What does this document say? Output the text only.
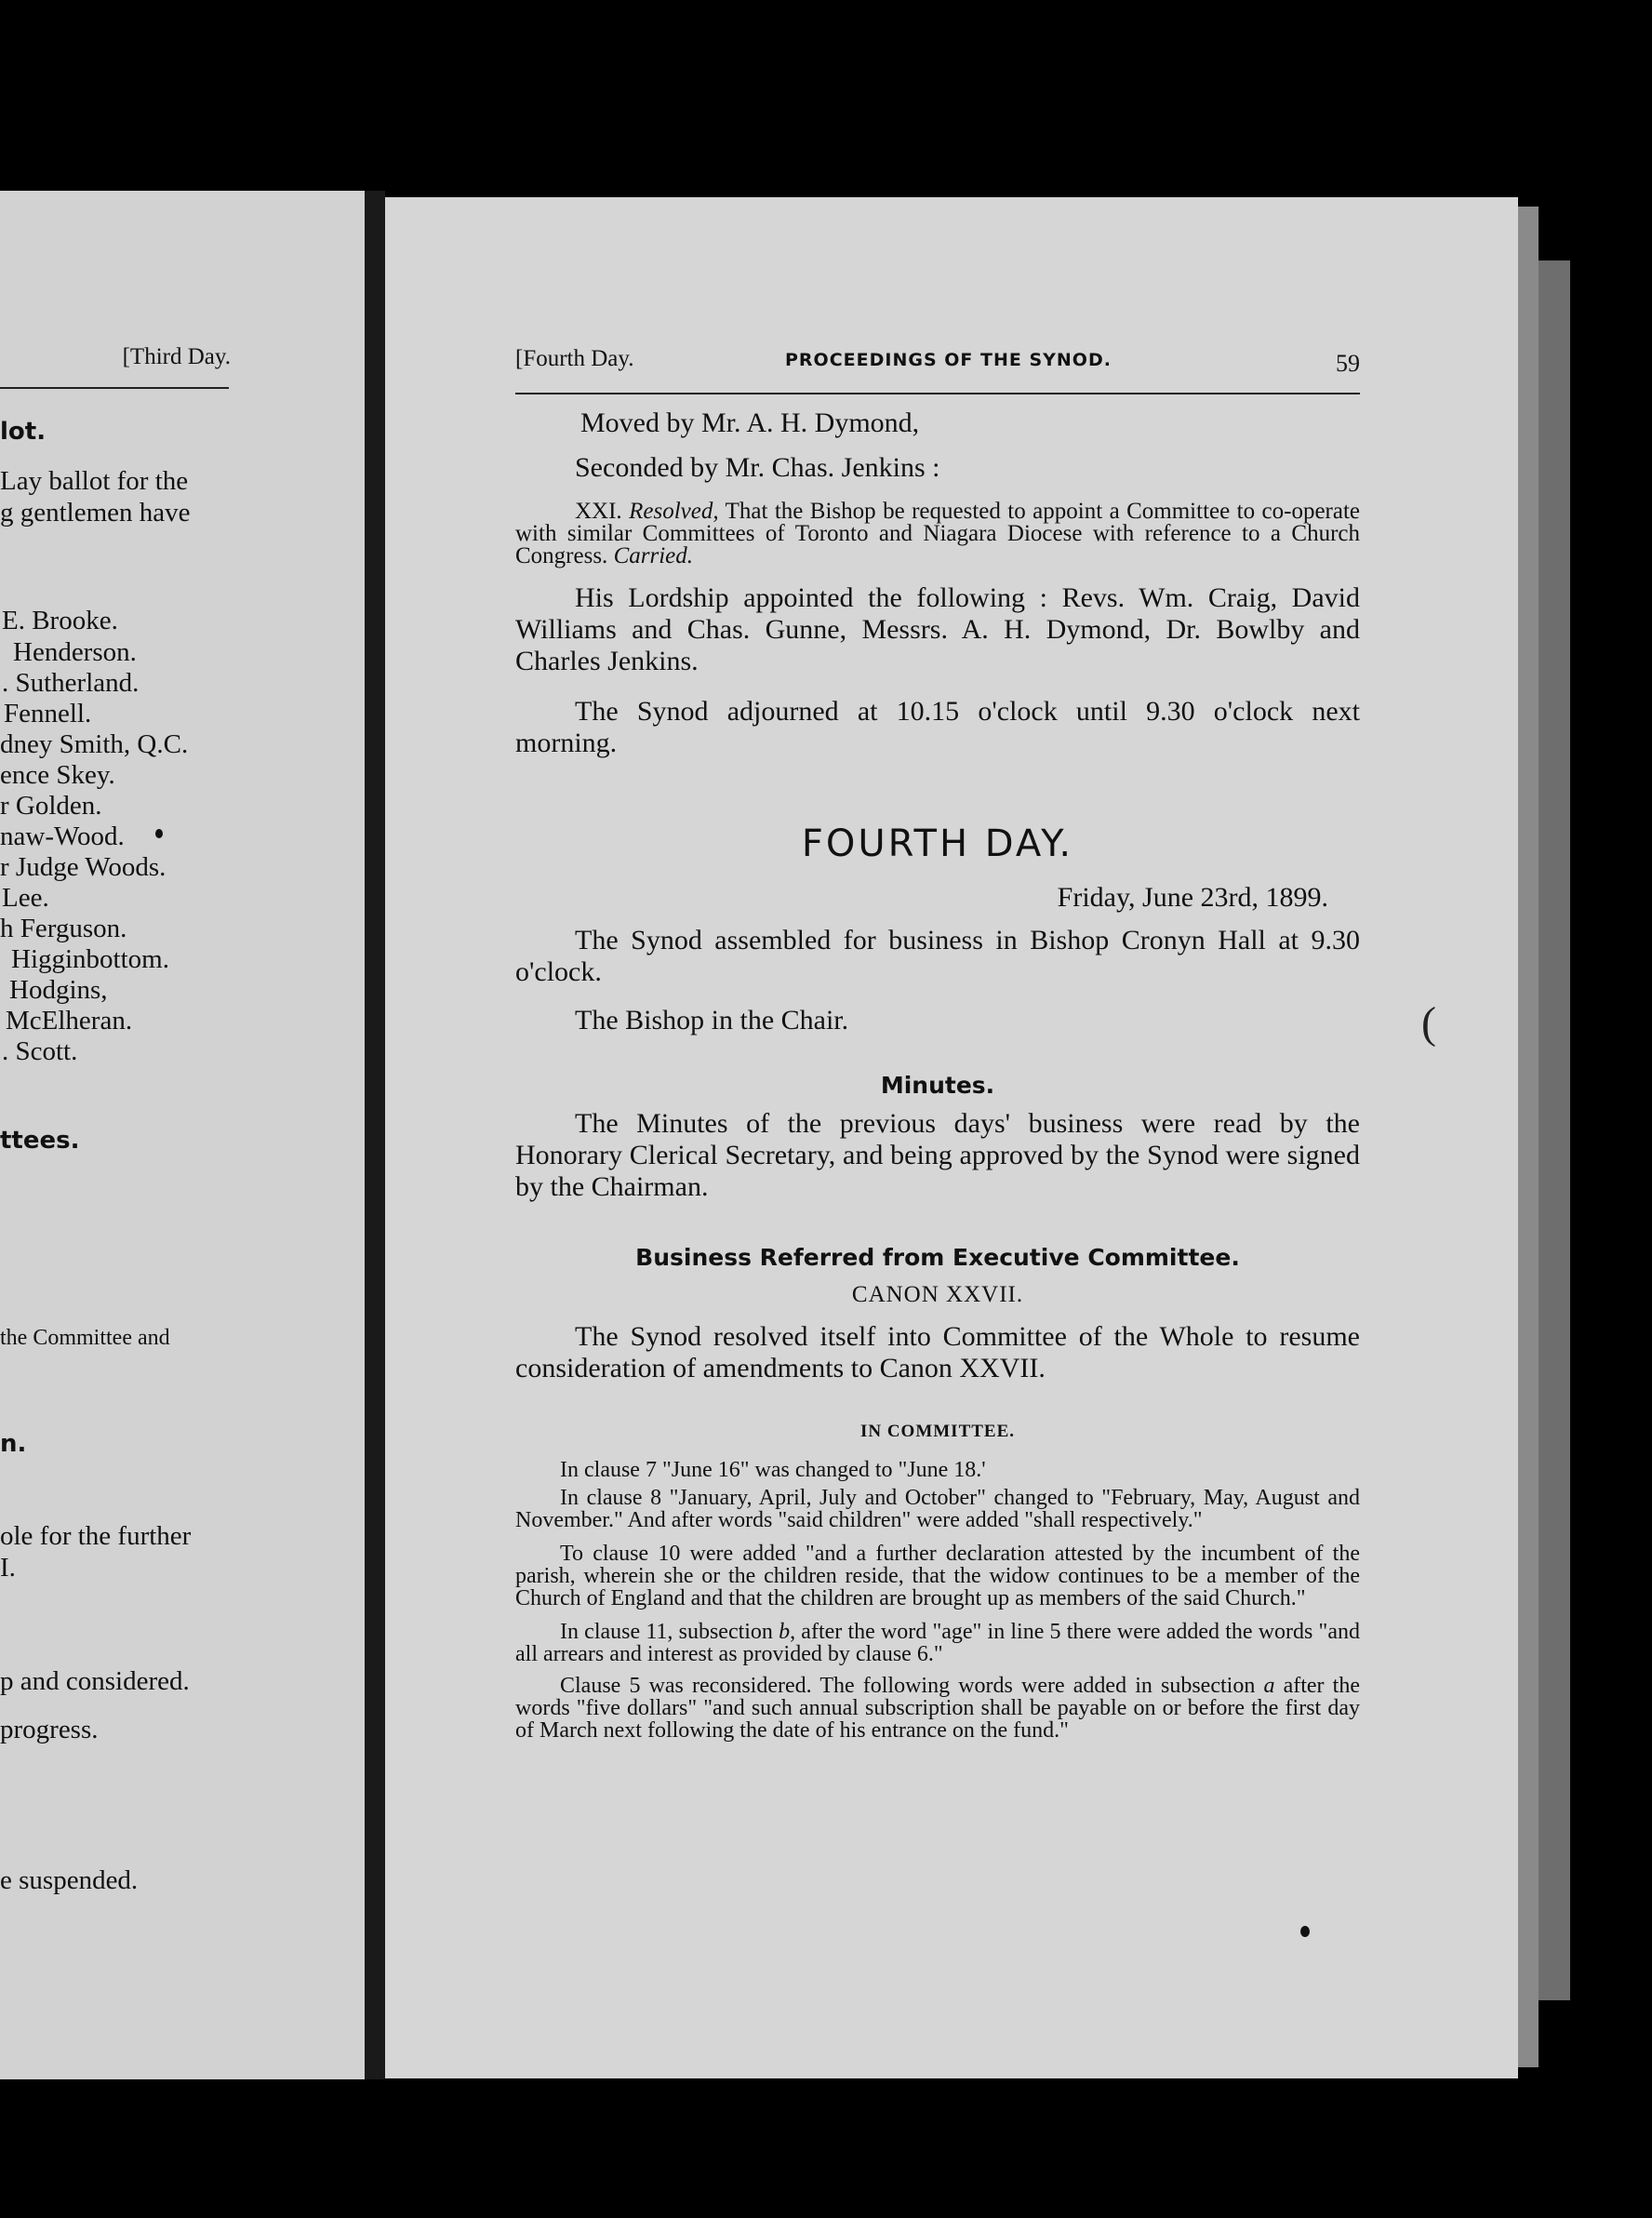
[Third Day.
lot.
Lay ballot for the
g gentlemen have
E. Brooke.
Henderson.
. Sutherland.
Fennell.
dney Smith, Q.C.
ence Skey.
r Golden.
naw-Wood.
r Judge Woods.
Lee.
h Ferguson.
Higginbottom.
Hodgins,
McElheran.
. Scott.
ttees.
the Committee and
n.
ole for the further
I.
p and considered.
progress.
e suspended.
[Fourth Day.	PROCEEDINGS OF THE SYNOD.	59

Moved by Mr. A. H. Dymond,

Seconded by Mr. Chas. Jenkins :

XXI. Resolved, That the Bishop be requested to appoint a Committee to co-operate with similar Committees of Toronto and Niagara Diocese with reference to a Church Congress. Carried.

His Lordship appointed the following : Revs. Wm. Craig, David Williams and Chas. Gunne, Messrs. A. H. Dymond, Dr. Bowlby and Charles Jenkins.

The Synod adjourned at 10.15 o'clock until 9.30 o'clock next morning.

FOURTH DAY.

Friday, June 23rd, 1899.

The Synod assembled for business in Bishop Cronyn Hall at 9.30 o'clock.

The Bishop in the Chair.

Minutes.

The Minutes of the previous days' business were read by the Honorary Clerical Secretary, and being approved by the Synod were signed by the Chairman.

Business Referred from Executive Committee.

CANON XXVII.

The Synod resolved itself into Committee of the Whole to resume consideration of amendments to Canon XXVII.

IN COMMITTEE.

In clause 7 "June 16" was changed to "June 18.'

In clause 8 "January, April, July and October" changed to "February, May, August and November." And after words "said children" were added "shall respectively."

To clause 10 were added "and a further declaration attested by the incumbent of the parish, wherein she or the children reside, that the widow continues to be a member of the Church of England and that the children are brought up as members of the said Church."

In clause 11, subsection b, after the word "age" in line 5 there were added the words "and all arrears and interest as provided by clause 6."

Clause 5 was reconsidered. The following words were added in subsection a after the words "five dollars" "and such annual subscription shall be payable on or before the first day of March next following the date of his entrance on the fund."

(
